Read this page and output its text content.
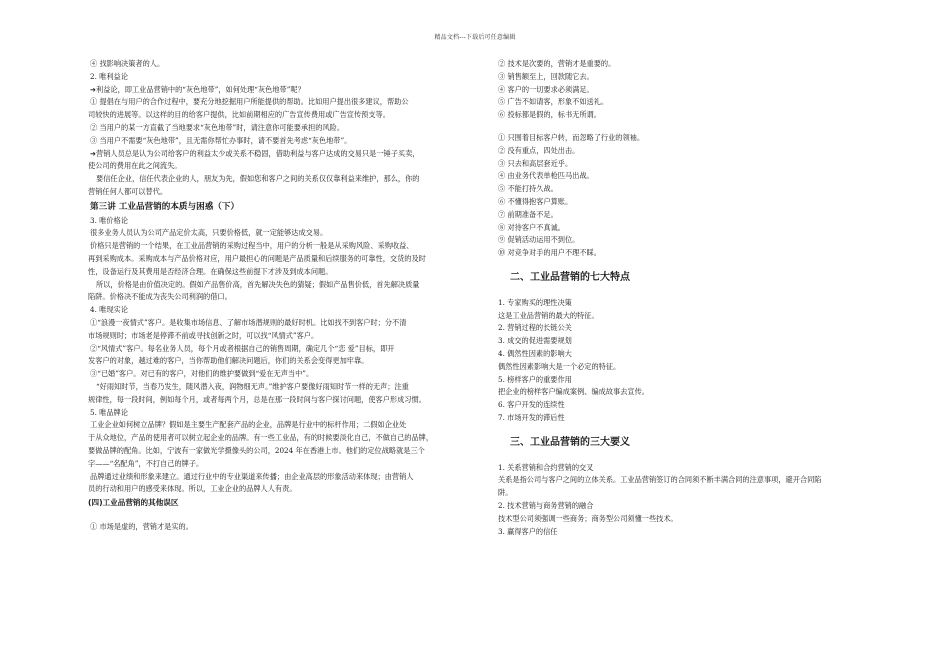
精品文档---下载后可任意编辑

④ 找影响决策者的人。

2. 唯利益论

➔利益论，即工业品营销中的“灰色地带”，如何处理“灰色地带”呢？

① 提倡在与用户的合作过程中，要充分地挖掘用户所能提供的帮助。比如用户提出很多建议，帮助公

司较快的进展等。以这样的目的给客户提供，比如前期相应的广告宣传费用或广告宣传预支等。

② 当用户的某一方直截了当地要求“灰色地带”时，请注意你可能要承担的风险。

③ 当用户不需要“灰色地带”，且无需你帮忙办事时，请不要首先考虑“灰色地带”。

➔营销人员总是认为公司给客户的利益太少或关系不稳固，借助利益与客户达成的交易只是一锤子买卖，

使公司的费用在此之间流失。

要信任企业，信任代表企业的人，朋友为先，假如您和客户之间的关系仅仅靠利益来维护，那么，你的

营销任何人都可以替代。

第三讲 工业品营销的本质与困惑（下）

3. 唯价格论

很多业务人员认为公司产品定价太高，只要价格低，就一定能够达成交易。

价格只是营销的一个结果，在工业品营销的采购过程当中，用户的分析一般是从采购风险、采购收益、

再到采购成本。采购成本与产品价格对应，用户最担心的问题是产品质量和后续服务的可靠性，交货的及时

性，设备运行及其费用是否经济合理。在确保这些前提下才涉及到成本问题。

所以，价格是由价值决定的。假如产品售价高，首先解决失色的猜疑；假如产品售价低，首先解决质量

陷阱。价格决不能成为丧失公司利润的借口。

4. 唯现实论

①“浪漫一夜情式”客户。是收集市场信息、了解市场潜规则的最好时机。比如找不到客户时；分不清

市场规则时；市场老是停滞不前或寻找创新之时，可以找“风情式”客户。

②“风情式”客户。每名业务人员，每个月或者根据自己的销售周期，确定几个“恋 爱”目标，即开

发客户的对象，越过难的客户，当你帮助他们解决问题后，你们的关系会变得更加牢靠。

③“已婚”客户。对已有的客户，对他们的维护要做到“爱在无声当中”。

“好雨知时节，当春乃发生，随风潜入夜，润物细无声。”维护客户要像好雨知时节一样的无声；注重

规律性，每一段时间，例如每个月，或者每两个月，总是在那一段时间与客户探讨问题，使客户形成习惯。

5. 唯品牌论

工业企业如何树立品牌？假如是主要生产配套产品的企业，品牌是行业中的标杆作用；二假如企业处

于从众地位，产品的使用者可以树立起企业的品牌。有一些工业品，有的时候要淡化自己，不做自己的品牌，

要做品牌的配角。比如，宁波有一家做光学摄像头的公司，2024 年在香港上市。他们的定位战略就是三个

字——“名配角”，不打自己的牌子。

品牌通过业绩和形象来建立。通过行业中的专业渠道来传播；由企业高层的形象活动来体现；由营销人

员的行动和用户的感受来体现。所以，工业企业的品牌人人有责。

(四)工业品营销的其他误区

① 市场是虚的，营销才是实的。

② 技术是次要的，营销才是重要的。

③ 销售额至上，回款随它去。

④ 客户的一切要求必须满足。

⑤ 广告不如请客，形象不如送礼。

⑥ 投标都是假的，标书无所谓。

① 只围着目标客户转，而忽略了行业的领袖。

② 没有重点，四处出击。

③ 只去和高层套近乎。

④ 由业务代表单枪匹马出战。

⑤ 不能打持久战。

⑥ 不懂得抱客户算账。

⑦ 前期准备不足。

⑧ 对待客户不真诚。

⑨ 促销活动运用不到位。

⑩ 对竞争对手的用户不理不睬。

二、工业品营销的七大特点

1. 专家购买的理性决策

这是工业品营销的最大的特征。

2. 营销过程的长链公关

3. 成交的促进需要规划

4. 偶然性因素的影响大

偶然性因素影响大是一个必定的特征。

5. 榜样客户的重要作用

把企业的榜样客户编成案例、编成故事去宣传。

6. 客户开发的连续性

7. 市场开发的滞后性

三、工业品营销的三大要义

1. 关系营销和合约营销的交叉

关系是指公司与客户之间的立体关系。工业品营销签订的合同须不断丰满合同的注意事项，避开合同陷

阱。

2. 技术营销与商务营销的融合

技术型公司须强调一些商务；商务型公司须懂一些技术。

3. 赢得客户的信任
